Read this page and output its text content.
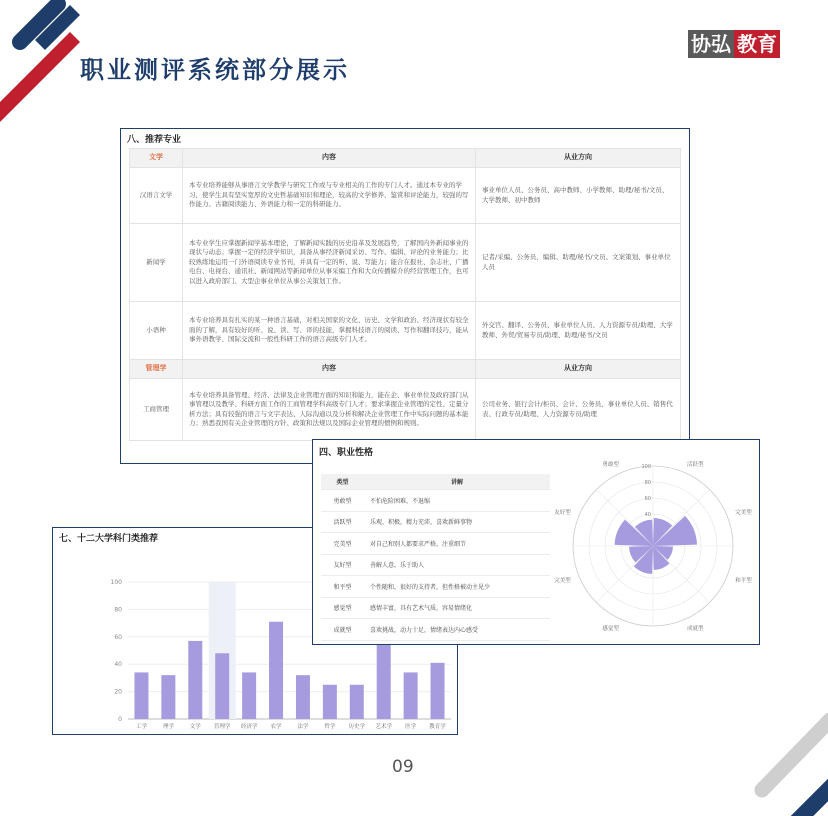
职业测评系统部分展示
协弘 教育
八、推荐专业
文学	内容	从业方向
汉语言文学	本专业培养能够从事语言文学教学与研究工作或与专业相关的工作的专门人才。通过本专业的学习，使学生具有坚实宽厚的文史哲基础知识和理论，较高的文学修养、鉴赏和评论能力，较强的写作能力、古籍阅读能力、外语能力和一定的科研能力。	事业单位人员、公务员、高中教师、小学教师、助理/秘书/文员、大学教师、初中教师
新闻学	本专业学生应掌握新闻学基本理论，了解新闻实践的历史沿革及发展趋势，了解国内外新闻事业的现状与动态；掌握一定的经济学知识，具备从事经济新闻采访、写作、编辑、评论的业务能力；比较熟练地运用一门外语阅读专业书刊，并具有一定的听、说、写能力；能合在报社、杂志社、广播电台、电视台、通讯社、新闻网站等新闻单位从事采编工作和大众传播媒介的经营管理工作，也可以进入政府部门、大型企事业单位从事公关策划工作。	记者/采编、公务员、编辑、助理/秘书/文员、文案策划、事业单位人员
小语种	本专业培养具有扎实的某一种语言基础，对相关国家的文化、历史、文学和政治、经济现状有较全面的了解，具有较好的听、说、读、写、译的技能，掌握科技语言的阅读、写作和翻译技巧，能从事外语教学、国际交流和一般性科研工作的语言高级专门人才。	外交官、翻译、公务员、事业单位人员、人力资源专员/助理、大学教师、外贸/贸易专员/助理、助理/秘书/文员
管理学	内容	从业方向
工商管理	本专业培养具备管理、经济、法律及企业管理方面的知识和能力，能在企、事业单位及政府部门从事管理以及教学、科研方面工作的工商管理学科高级专门人才；要求掌握企业管理的定性、定量分析方法；具有较强的语言与文字表达、人际沟通以及分析和解决企业管理工作中实际问题的基本能力；熟悉我国有关企业管理的方针、政策和法规以及国际企业管理的惯例和规则。	公司业务、银行会计/柜员、会计、公务员、事业单位人员、销售代表、行政专员/助理、人力资源专员/助理
七、十二大学科门类推荐
0
20
40
60
80
100
工学	理学	文学 管理学 经济学 农学	法学	哲学 历史学 艺术学 医学 教育学
四、职业性格
类型	讲解
勇敢型	不怕危险困难，不退缩
活跃型	乐观，积极，精力充沛，喜欢新鲜事物
完美型	对自己和别人都要求严格，注重细节
友好型	善解人意，乐于助人
和平型	个性随和，很好的支持者，但性格被动主见少
感觉型	感情丰富，具有艺术气质，容易情绪化
成就型	喜欢挑战，动力十足，情绪表达内心感受
活跃型
完美型
和平型
成就型
感觉型
完美型
友好型
勇敢型
40
60
80
100
09
